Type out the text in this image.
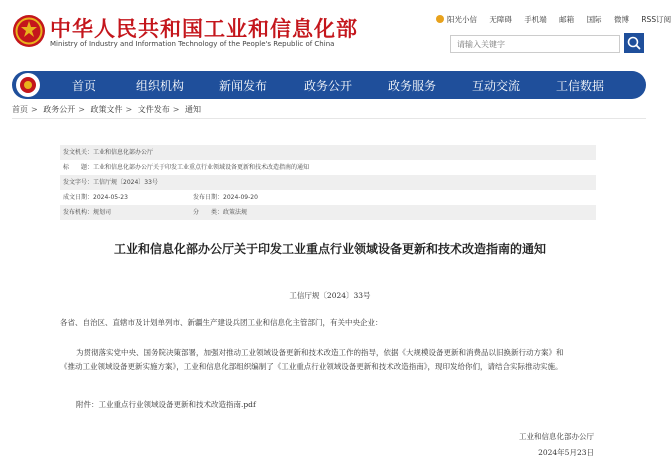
中华人民共和国工业和信息化部
Ministry of Industry and Information Technology of the People's Republic of China
阳光小信 无障碍 手机端 邮箱 国际 微博 RSS订阅
请输入关键字
首页	组织机构	新闻发布	政务公开	政务服务	互动交流	工信数据
首页 > 政务公开 > 政策文件 > 文件发布 > 通知
发文机关：工业和信息化部办公厅
标　　题：工业和信息化部办公厅关于印发工业重点行业领域设备更新和技术改造指南的通知
发文字号：工信厅规〔2024〕33号
成文日期：2024-05-23	发布日期：2024-09-20
发布机构：规划司	分　　类：政策法规
工业和信息化部办公厅关于印发工业重点行业领域设备更新和技术改造指南的通知
工信厅规〔2024〕33号
各省、自治区、直辖市及计划单列市、新疆生产建设兵团工业和信息化主管部门，有关中央企业：
为贯彻落实党中央、国务院决策部署，加强对推动工业领域设备更新和技术改造工作的指导，依据《大规模设备更新和消费品以旧换新行动方案》和
《推动工业领域设备更新实施方案》，工业和信息化部组织编制了《工业重点行业领域设备更新和技术改造指南》，现印发给你们，请结合实际推动实施。
附件：工业重点行业领域设备更新和技术改造指南.pdf
工业和信息化部办公厅
2024年5月23日
